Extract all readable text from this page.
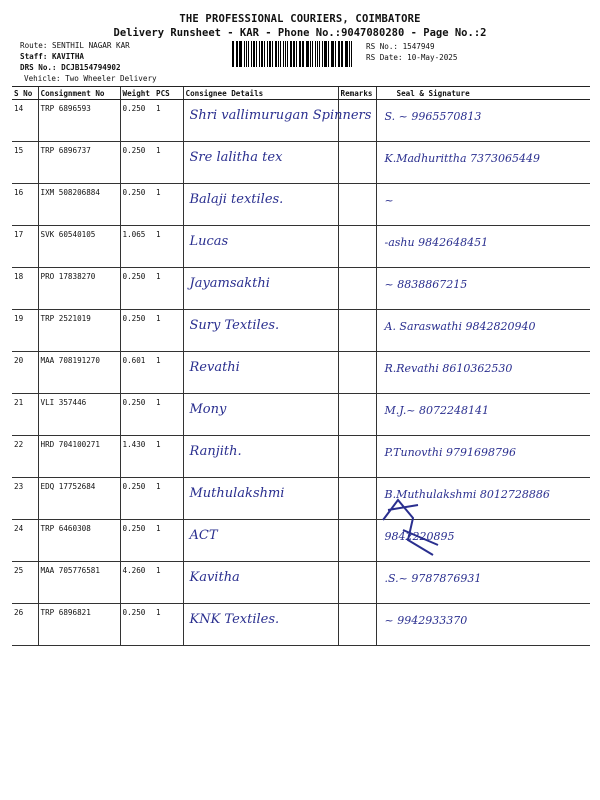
THE PROFESSIONAL COURIERS, COIMBATORE
Delivery Runsheet - KAR - Phone No.:9047080280 - Page No.:2
Route: SENTHIL NAGAR KAR
Staff: KAVITHA
DRS No.: DCJB154794902
Vehicle: Two Wheeler Delivery
RS No.: 1547949
RS Date: 10-May-2025
S No	Consignment No	Weight	PCS	Consignee Details	Remarks	Seal & Signature
14	TRP 6896593	0.250	1	Shri vallimurugan Spinners		S. ~ 9965570813

15	TRP 6896737	0.250	1	Sre lalitha tex		K.Madhurittha 7373065449

16	IXM 508206884	0.250	1	Balaji textiles.		~

17	SVK 60540105	1.065	1	Lucas		-ashu 9842648451

18	PRO 17838270	0.250	1	Jayamsakthi		~ 8838867215

19	TRP 2521019	0.250	1	Sury Textiles.		A. Saraswathi 9842820940

20	MAA 708191270	0.601	1	Revathi		R.Revathi 8610362530

21	VLI 357446	0.250	1	Mony		M.J.~ 8072248141

22	HRD 704100271	1.430	1	Ranjith.		P.Tunovthi 9791698796

23	EDQ 17752684	0.250	1	Muthulakshmi		B.Muthulakshmi 8012728886

24	TRP 6460308	0.250	1	ACT		9842220895

25	MAA 705776581	4.260	1	Kavitha		.S.~ 9787876931

26	TRP 6896821	0.250	1	KNK Textiles.		~ 9942933370
